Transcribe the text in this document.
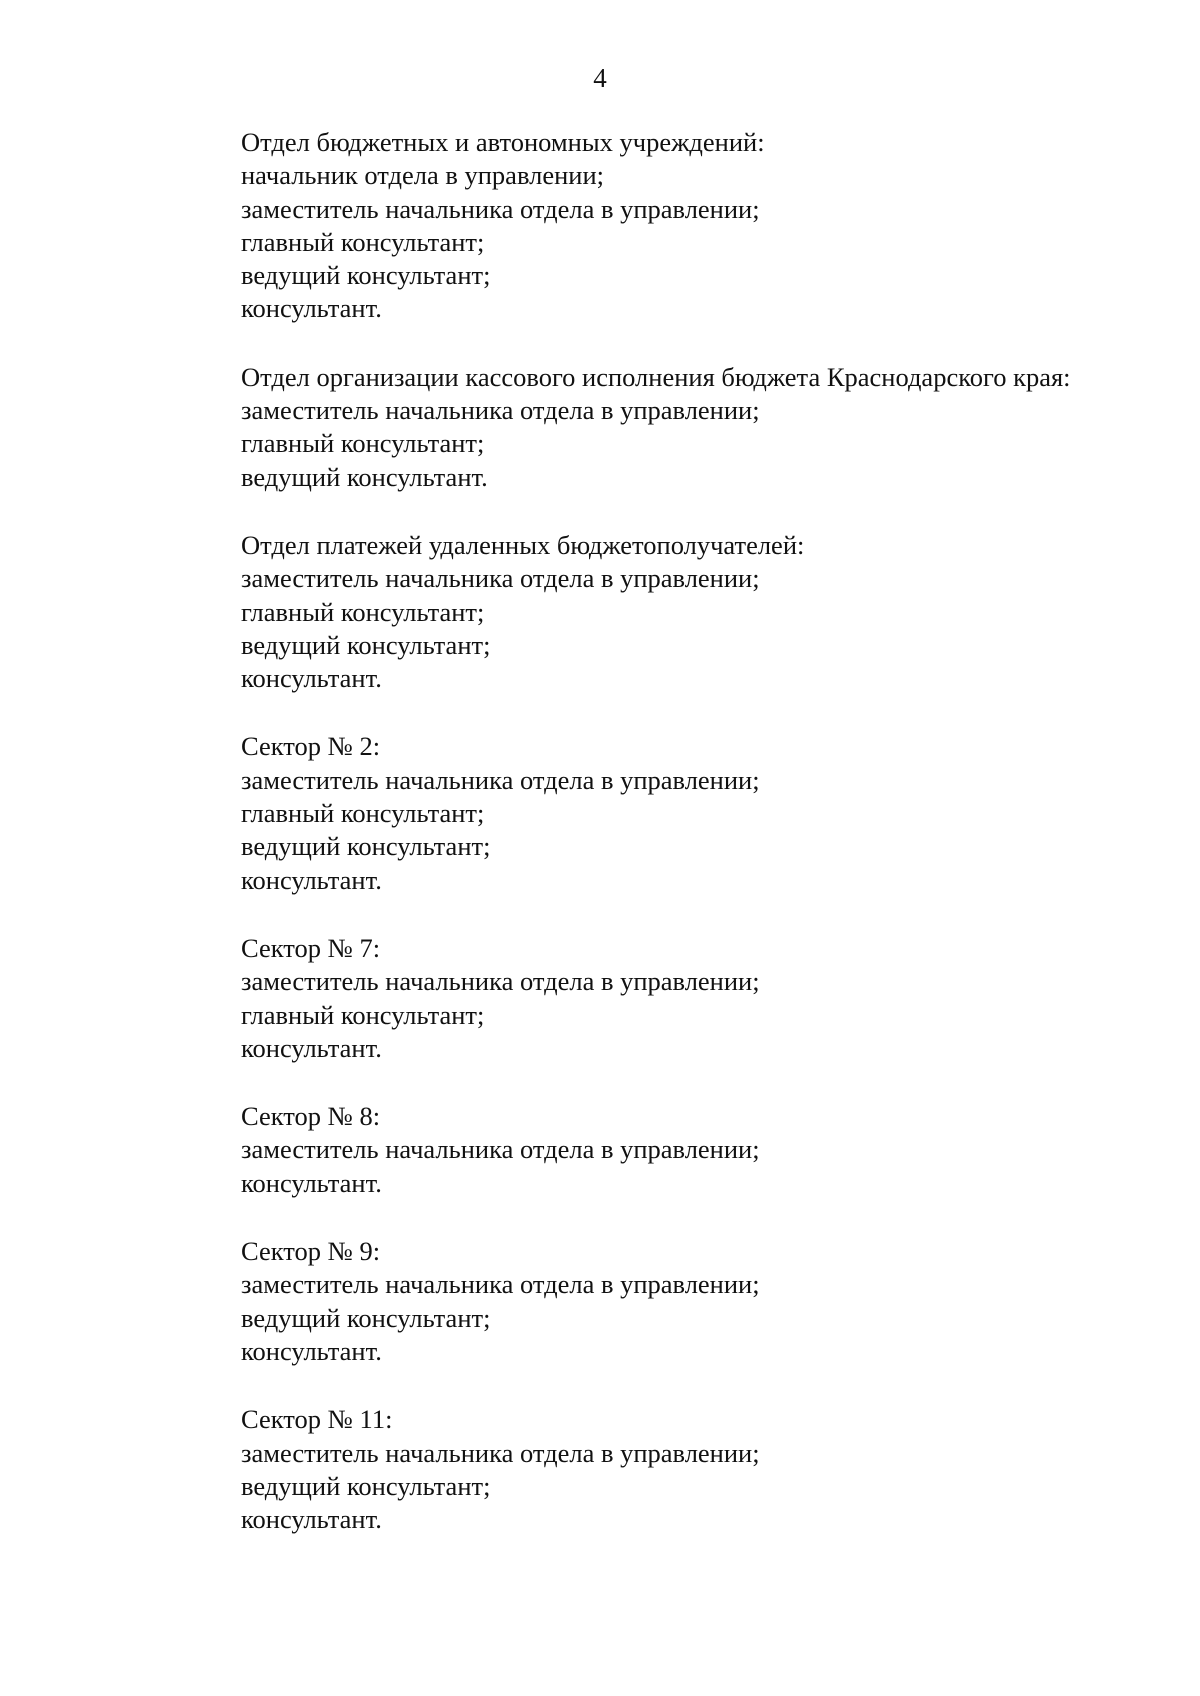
4
Отдел бюджетных и автономных учреждений:
начальник отдела в управлении;
заместитель начальника отдела в управлении;
главный консультант;
ведущий консультант;
консультант.
Отдел организации кассового исполнения бюджета Краснодарского края:
заместитель начальника отдела в управлении;
главный консультант;
ведущий консультант.
Отдел платежей удаленных бюджетополучателей:
заместитель начальника отдела в управлении;
главный консультант;
ведущий консультант;
консультант.
Сектор № 2:
заместитель начальника отдела в управлении;
главный консультант;
ведущий консультант;
консультант.
Сектор № 7:
заместитель начальника отдела в управлении;
главный консультант;
консультант.
Сектор № 8:
заместитель начальника отдела в управлении;
консультант.
Сектор № 9:
заместитель начальника отдела в управлении;
ведущий консультант;
консультант.
Сектор № 11:
заместитель начальника отдела в управлении;
ведущий консультант;
консультант.
